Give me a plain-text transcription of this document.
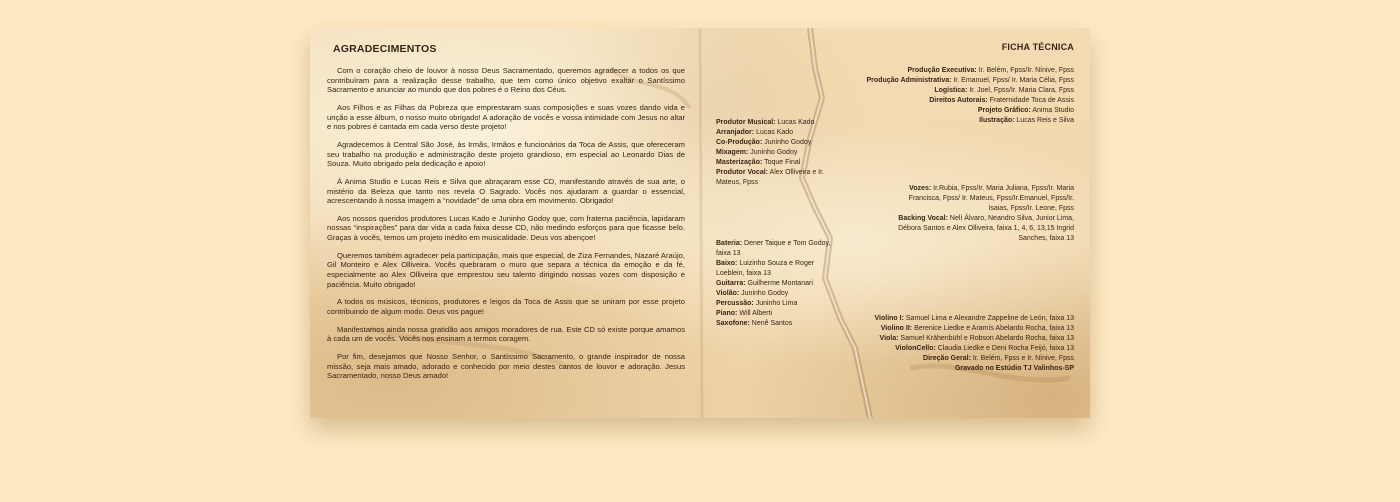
AGRADECIMENTOS

Com o coração cheio de louvor à nosso Deus Sacramentado, queremos agradecer a todos os que contribuíram para a realização desse trabalho, que tem como único objetivo exaltar o Santíssimo Sacramento e anunciar ao mundo que dos pobres é o Reino dos Céus.

Aos Filhos e as Filhas da Pobreza que emprestaram suas composições e suas vozes dando vida e unção a esse álbum, o nosso muito obrigado! A adoração de vocês e vossa intimidade com Jesus no altar e nos pobres é cantada em cada verso deste projeto!

Agradecemos à Central São José, às Irmãs, Irmãos e funcionários da Toca de Assis, que ofereceram seu trabalho na produção e administração deste projeto grandioso, em especial ao Leonardo Dias de Souza. Muito obrigado pela dedicação e apoio!

À Anima Studio e Lucas Reis e Silva que abraçaram esse CD, manifestando através de sua arte, o mistério da Beleza que tanto nos revela O Sagrado. Vocês nos ajudaram a guardar o essencial, acrescentando à nossa imagem a “novidade” de uma obra em movimento. Obrigado!

Aos nossos queridos produtores Lucas Kado e Juninho Godoy que, com fraterna paciência, lapidaram nossas “inspirações” para dar vida a cada faixa desse CD, não medindo esforços para que ficasse belo. Graças à vocês, temos um projeto inédito em musicalidade. Deus vos abençoe!

Queremos também agradecer pela participação, mais que especial, de Ziza Fernandes, Nazaré Araújo, Gil Monteiro e Alex Olliveira. Vocês quebraram o muro que separa a técnica da emoção e da fé, especialmente ao Alex Olliveira que emprestou seu talento dirigindo nossas vozes com disposição e paciência. Muito obrigado!

A todos os músicos, técnicos, produtores e leigos da Toca de Assis que se uniram por esse projeto contribuindo de algum modo. Deus vos pague!

Manifestamos ainda nossa gratidão aos amigos moradores de rua. Este CD só existe porque amamos à cada um de vocês. Vocês nos ensinam a termos coragem.

Por fim, desejamos que Nosso Senhor, o Santíssimo Sacramento, o grande inspirador de nossa missão, seja mais amado, adorado e conhecido por meio destes cantos de louvor e adoração. Jesus Sacramentado, nosso Deus amado!

FICHA TÉCNICA
Produção Executiva: Ir. Belém, Fpss/Ir. Nínive, Fpss
Produção Administrativa: Ir. Emanuel, Fpss/ Ir. Maria Célia, Fpss
Logística: Ir. Joel, Fpss/Ir. Maria Clara, Fpss
Direitos Autorais: Fraternidade Toca de Assis
Projeto Gráfico: Anima Studio
Ilustração: Lucas Reis e Silva
Produtor Musical: Lucas Kado
Arranjador: Lucas Kado
Co-Produção: Juninho Godoy
Mixagem: Juninho Godoy
Masterização: Toque Final
Produtor Vocal: Alex Olliveira e Ir. Mateus, Fpss
Vozes: Ir.Rubia, Fpss/Ir. Maria Juliana, Fpss/Ir. Maria Francisca, Fpss/ Ir. Mateus, Fpss/Ir.Emanuel, Fpss/Ir. Isaias, Fpss/Ir. Leone, Fpss
Backing Vocal: Nelí Álvaro, Neandro Silva, Junior Lima, Débora Santos e Alex Olliveira, faixa 1, 4, 6, 13,15 Ingrid Sanches, faixa 13
Bateria: Dener Taique e Tom Godoy, faixa 13
Baixo: Luizinho Souza e Roger Loeblein, faixa 13
Guitarra: Guilherme Montanari
Violão: Juninho Godoy
Percussão: Juninho Lima
Piano: Will Alberti
Saxofone: Nenê Santos
Violino I: Samuel Lima e Alexandre Zappeline de León, faixa 13
Violino II: Berenice Liedke e Aramís Abelardo Rocha, faixa 13
Viola: Samuel Krähenbühl e Robson Abelardo Rocha, faixa 13
ViolonCello: Claudia Liedke e Deni Rocha Feijó, faixa 13
Direção Geral: Ir. Belém, Fpss e Ir. Nínive, Fpss
Gravado no Estúdio TJ Valinhos-SP
